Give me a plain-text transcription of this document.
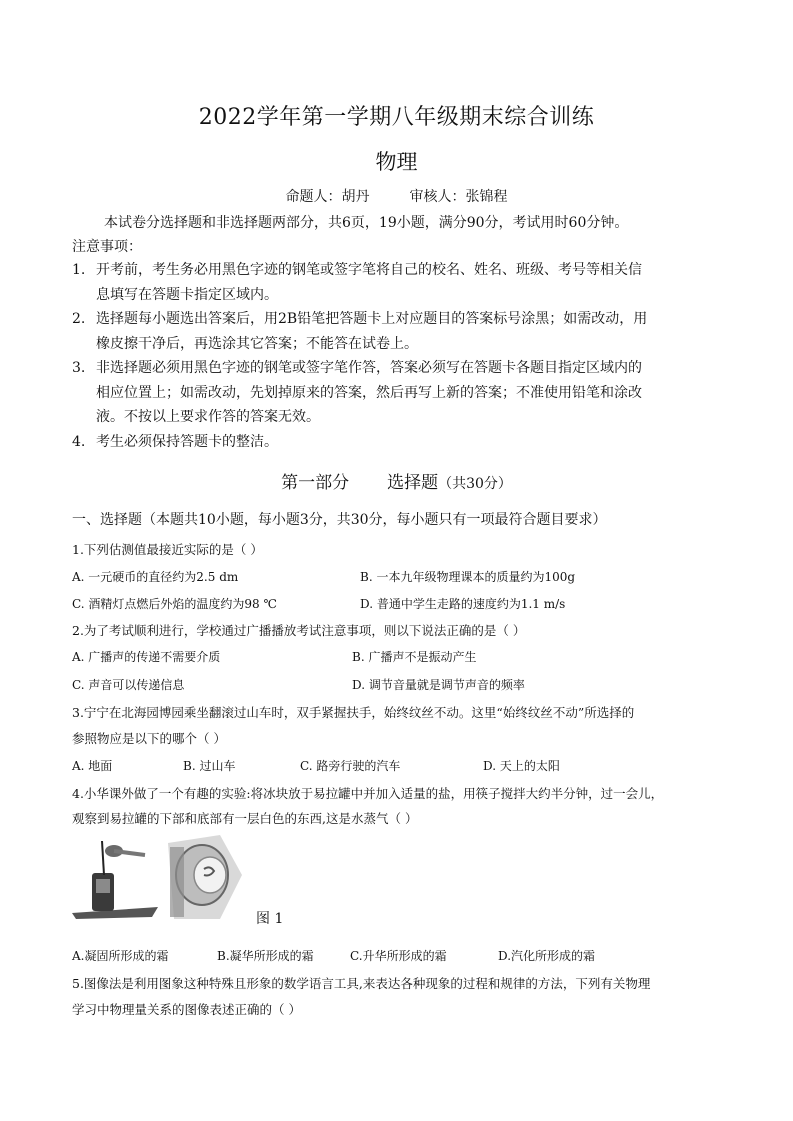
2022学年第一学期八年级期末综合训练
物理
命题人：胡丹	审核人：张锦程
本试卷分选择题和非选择题两部分，共6页，19小题，满分90分，考试用时60分钟。
注意事项：
1. 开考前，考生务必用黑色字迹的钢笔或签字笔将自己的校名、姓名、班级、考号等相关信
息填写在答题卡指定区域内。
2. 选择题每小题选出答案后，用2B铅笔把答题卡上对应题目的答案标号涂黑；如需改动，用
橡皮擦干净后，再选涂其它答案；不能答在试卷上。
3. 非选择题必须用黑色字迹的钢笔或签字笔作答，答案必须写在答题卡各题目指定区域内的
相应位置上；如需改动，先划掉原来的答案，然后再写上新的答案；不准使用铅笔和涂改
液。不按以上要求作答的答案无效。
4. 考生必须保持答题卡的整洁。
第一部分 选择题（共30分）
一、选择题（本题共10小题，每小题3分，共30分，每小题只有一项最符合题目要求）
1.下列估测值最接近实际的是（ ）
A. 一元硬币的直径约为2.5 dm	B. 一本九年级物理课本的质量约为100g
C. 酒精灯点燃后外焰的温度约为98 ℃	D. 普通中学生走路的速度约为1.1 m/s
2.为了考试顺利进行，学校通过广播播放考试注意事项，则以下说法正确的是（ ）
A. 广播声的传递不需要介质	B. 广播声不是振动产生
C. 声音可以传递信息	D. 调节音量就是调节声音的频率
3.宁宁在北海园博园乘坐翻滚过山车时，双手紧握扶手，始终纹丝不动。这里“始终纹丝不动”所选择的
参照物应是以下的哪个（ ）
A. 地面	B. 过山车	C. 路旁行驶的汽车	D. 天上的太阳
4.小华课外做了一个有趣的实验:将冰块放于易拉罐中并加入适量的盐，用筷子搅拌大约半分钟，过一会儿，
观察到易拉罐的下部和底部有一层白色的东西,这是水蒸气（ ）
图 1
A.凝固所形成的霜	B.凝华所形成的霜	C.升华所形成的霜	D.汽化所形成的霜
5.图像法是利用图象这种特殊且形象的数学语言工具,来表达各种现象的过程和规律的方法，下列有关物理
学习中物理量关系的图像表述正确的（ ）
